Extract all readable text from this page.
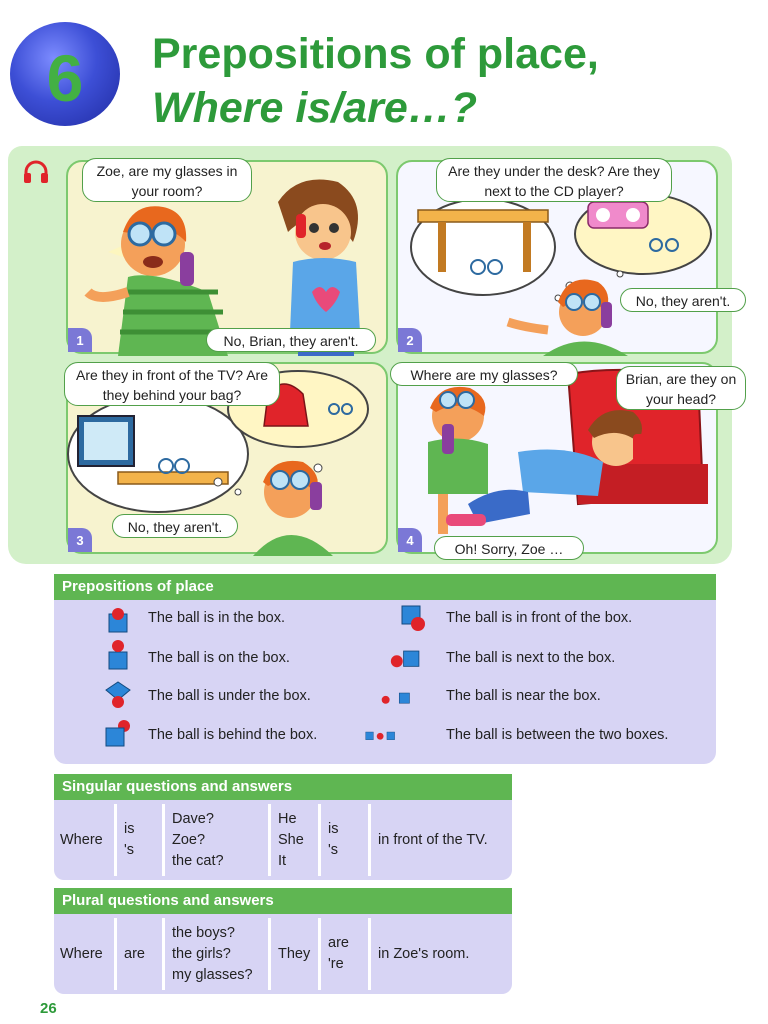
6	Prepositions of place,
Where is/are…?
Zoe, are my glasses in your room?
No, Brian, they aren't.
1
Are they under the desk? Are they next to the CD player?
No, they aren't.
2
Are they in front of the TV? Are they behind your bag?
No, they aren't.
3
Where are my glasses?	Brian, are they on your head?
Oh! Sorry, Zoe …
4
Prepositions of place
The ball is in the box.
The ball is on the box.
The ball is under the box.
The ball is behind the box.
The ball is in front of the box.
The ball is next to the box.
The ball is near the box.
The ball is between the two boxes.
Singular questions and answers
Where
is
's
Dave?
Zoe?
the cat?
He
She
It
is
's
in front of the TV.
Plural questions and answers
Where are
the boys?
the girls?
my glasses?
They
are
're
in Zoe's room.
26
